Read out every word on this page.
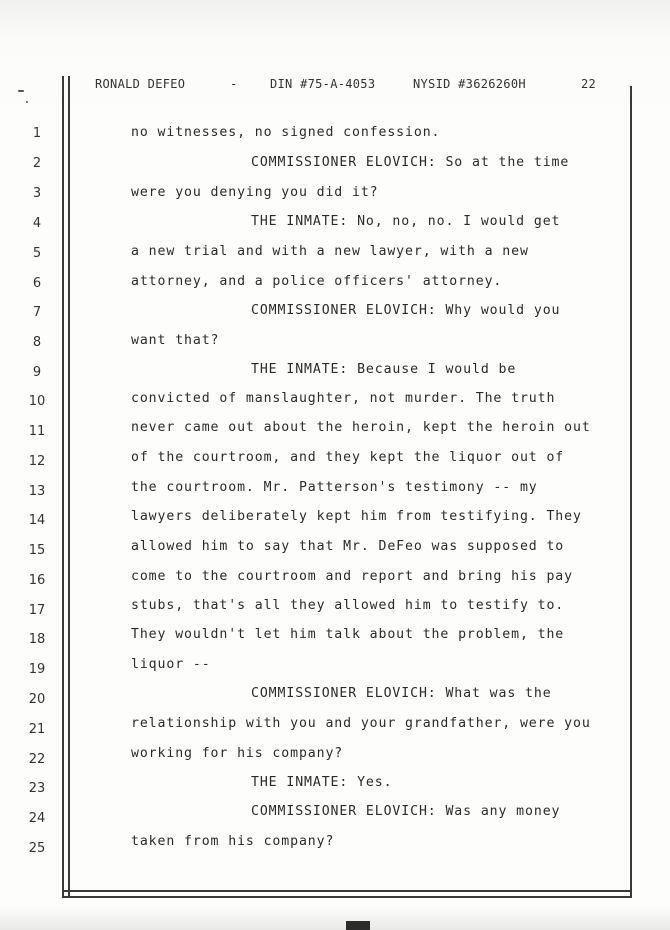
RONALD DEFEO	-	DIN #75-A-4053	NYSID #3626260H	22
1	no witnesses, no signed confession.
2	COMMISSIONER ELOVICH: So at the time
3	were you denying you did it?
4	THE INMATE: No, no, no. I would get
5	a new trial and with a new lawyer, with a new
6	attorney, and a police officers' attorney.
7	COMMISSIONER ELOVICH: Why would you
8	want that?
9	THE INMATE: Because I would be
10	convicted of manslaughter, not murder. The truth
11	never came out about the heroin, kept the heroin out
12	of the courtroom, and they kept the liquor out of
13	the courtroom. Mr. Patterson's testimony -- my
14	lawyers deliberately kept him from testifying. They
15	allowed him to say that Mr. DeFeo was supposed to
16	come to the courtroom and report and bring his pay
17	stubs, that's all they allowed him to testify to.
18	They wouldn't let him talk about the problem, the
19	liquor --
20	COMMISSIONER ELOVICH: What was the
21	relationship with you and your grandfather, were you
22	working for his company?
23	THE INMATE: Yes.
24	COMMISSIONER ELOVICH: Was any money
25	taken from his company?
